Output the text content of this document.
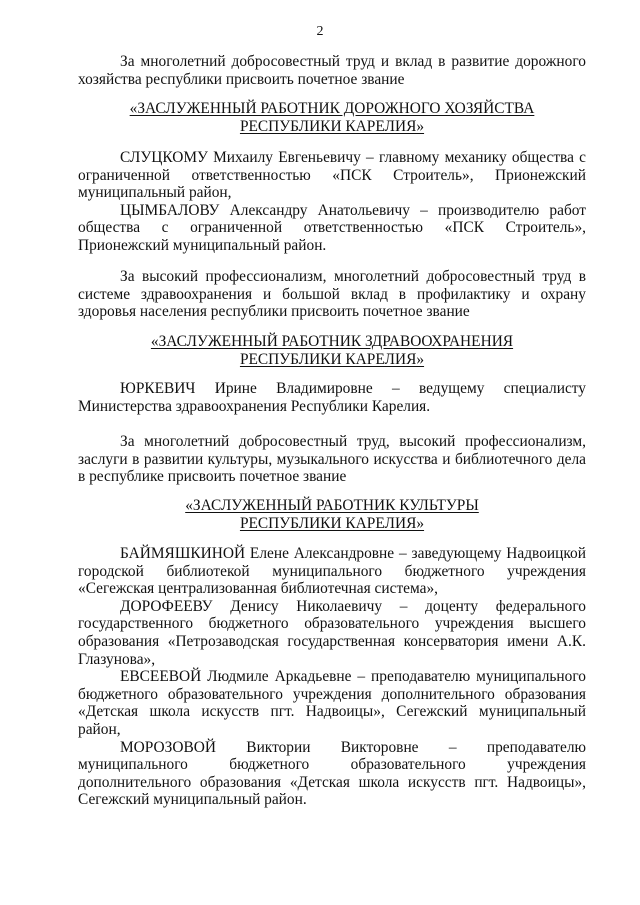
2

За многолетний добросовестный труд и вклад в развитие дорожного хозяйства республики присвоить почетное звание

«ЗАСЛУЖЕННЫЙ РАБОТНИК ДОРОЖНОГО ХОЗЯЙСТВА
РЕСПУБЛИКИ КАРЕЛИЯ»

СЛУЦКОМУ Михаилу Евгеньевичу – главному механику общества с ограниченной ответственностью «ПСК Строитель», Прионежский муниципальный район,

ЦЫМБАЛОВУ Александру Анатольевичу – производителю работ общества с ограниченной ответственностью «ПСК Строитель», Прионежский муниципальный район.

За высокий профессионализм, многолетний добросовестный труд в системе здравоохранения и большой вклад в профилактику и охрану здоровья населения республики присвоить почетное звание

«ЗАСЛУЖЕННЫЙ РАБОТНИК ЗДРАВООХРАНЕНИЯ
РЕСПУБЛИКИ КАРЕЛИЯ»

ЮРКЕВИЧ Ирине Владимировне – ведущему специалисту Министерства здравоохранения Республики Карелия.

За многолетний добросовестный труд, высокий профессионализм, заслуги в развитии культуры, музыкального искусства и библиотечного дела в республике присвоить почетное звание

«ЗАСЛУЖЕННЫЙ РАБОТНИК КУЛЬТУРЫ
РЕСПУБЛИКИ КАРЕЛИЯ»

БАЙМЯШКИНОЙ Елене Александровне – заведующему Надвоицкой городской библиотекой муниципального бюджетного учреждения «Сегежская централизованная библиотечная система»,

ДОРОФЕЕВУ Денису Николаевичу – доценту федерального государственного бюджетного образовательного учреждения высшего образования «Петрозаводская государственная консерватория имени А.К. Глазунова»,

ЕВСЕЕВОЙ Людмиле Аркадьевне – преподавателю муниципального бюджетного образовательного учреждения дополнительного образования «Детская школа искусств пгт. Надвоицы», Сегежский муниципальный район,

МОРОЗОВОЙ Виктории Викторовне – преподавателю муниципального бюджетного образовательного учреждения дополнительного образования «Детская школа искусств пгт. Надвоицы», Сегежский муниципальный район.
